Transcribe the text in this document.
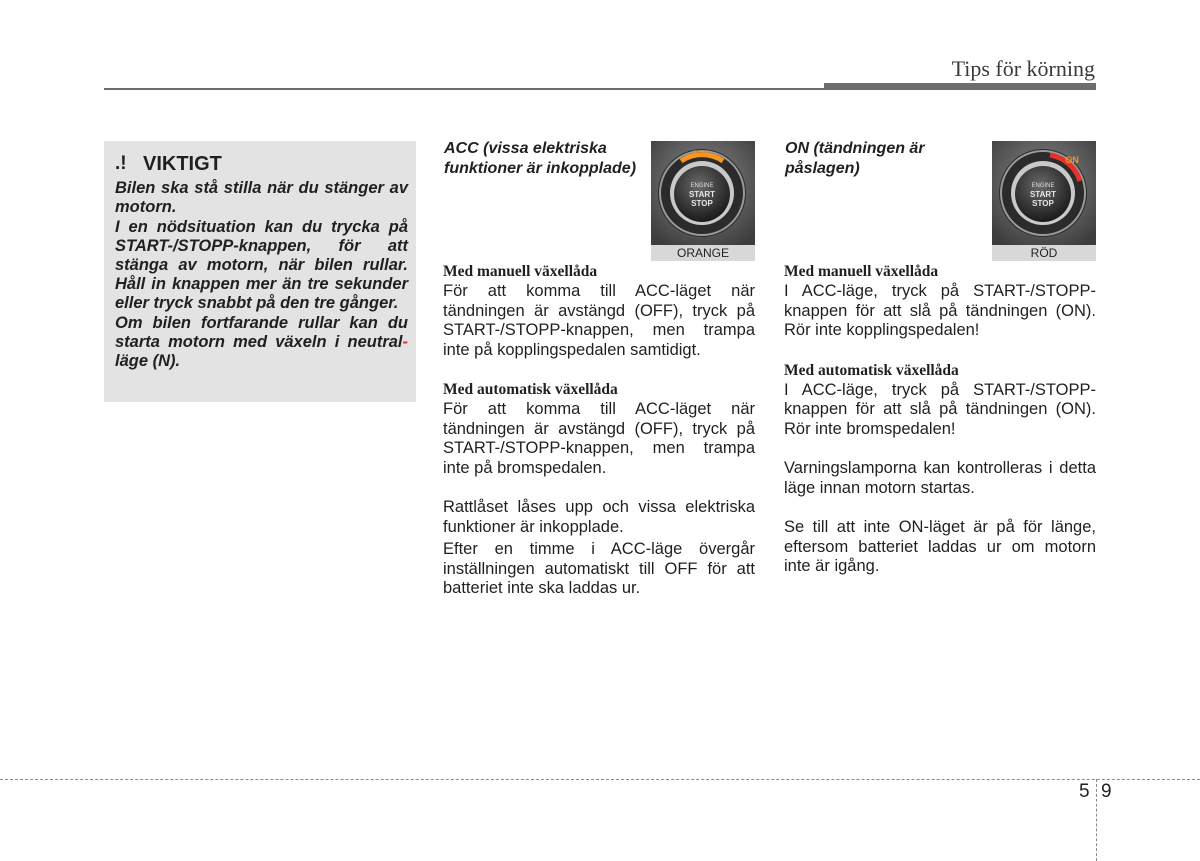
Tips för körning
.! VIKTIGT

Bilen ska stå stilla när du stänger av motorn.

I en nödsituation kan du trycka på START-/STOPP-knappen, för att stänga av motorn, när bilen rullar. Håll in knappen mer än tre sekunder eller tryck snabbt på den tre gånger.

Om bilen fortfarande rullar kan du starta motorn med växeln i neutral-läge (N).

ACC (vissa elektriska funktioner är inkopplade)
ACC
ENGINE
START
STOP
ORANGE

Med manuell växellåda

För att komma till ACC-läget när tändningen är avstängd (OFF), tryck på START-/STOPP-knappen, men trampa inte på kopplingspedalen samtidigt.

Med automatisk växellåda

För att komma till ACC-läget när tändningen är avstängd (OFF), tryck på START-/STOPP-knappen, men trampa inte på bromspedalen.

Rattlåset låses upp och vissa elektriska funktioner är inkopplade.

Efter en timme i ACC-läge övergår inställningen automatiskt till OFF för att batteriet inte ska laddas ur.

ON (tändningen är påslagen)	ON
ENGINE
START
STOP
RÖD

Med manuell växellåda

I ACC-läge, tryck på START-/STOPP-knappen för att slå på tändningen (ON). Rör inte kopplingspedalen!

Med automatisk växellåda

I ACC-läge, tryck på START-/STOPP-knappen för att slå på tändningen (ON). Rör inte bromspedalen!

Varningslamporna kan kontrolleras i detta läge innan motorn startas.

Se till att inte ON-läget är på för länge, eftersom batteriet laddas ur om motorn inte är igång.

5 9
